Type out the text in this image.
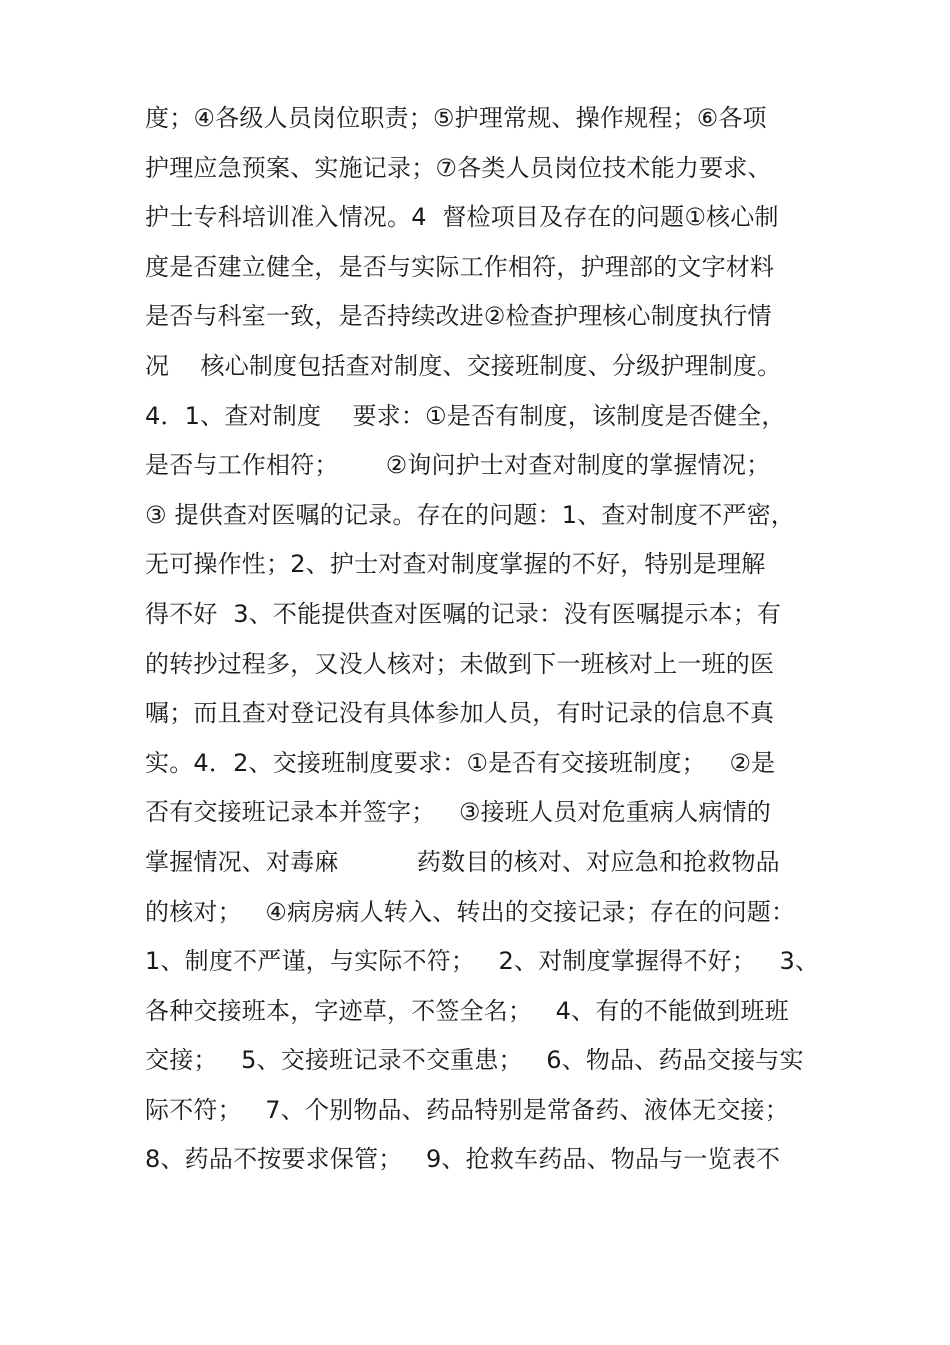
度；④各级人员岗位职责；⑤护理常规、操作规程；⑥各项
护理应急预案、实施记录；⑦各类人员岗位技术能力要求、
护士专科培训准入情况。4  督检项目及存在的问题①核心制
度是否建立健全，是否与实际工作相符，护理部的文字材料
是否与科室一致，是否持续改进②检查护理核心制度执行情
况    核心制度包括查对制度、交接班制度、分级护理制度。
4．1、查对制度    要求：①是否有制度，该制度是否健全，
是否与工作相符；      ②询问护士对查对制度的掌握情况；
③ 提供查对医嘱的记录。存在的问题：1、查对制度不严密，
无可操作性；2、护士对查对制度掌握的不好，特别是理解
得不好  3、不能提供查对医嘱的记录：没有医嘱提示本；有
的转抄过程多，又没人核对；未做到下一班核对上一班的医
嘱；而且查对登记没有具体参加人员，有时记录的信息不真
实。4．2、交接班制度要求：①是否有交接班制度；   ②是
否有交接班记录本并签字；   ③接班人员对危重病人病情的
掌握情况、对毒麻          药数目的核对、对应急和抢救物品
的核对；   ④病房病人转入、转出的交接记录；存在的问题：
1、制度不严谨，与实际不符；   2、对制度掌握得不好；   3、
各种交接班本，字迹草，不签全名；   4、有的不能做到班班
交接；   5、交接班记录不交重患；   6、物品、药品交接与实
际不符；   7、个别物品、药品特别是常备药、液体无交接；
8、药品不按要求保管；   9、抢救车药品、物品与一览表不
